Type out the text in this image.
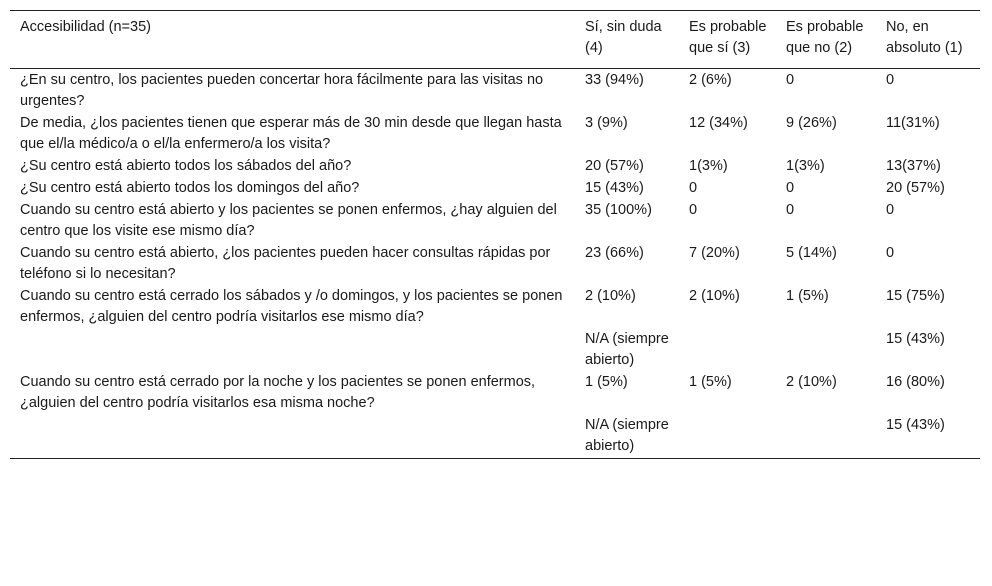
Accesibilidad (n=35)	Sí, sin duda (4)	Es probable que sí (3)	Es probable que no (2)	No, en absoluto (1)

¿En su centro, los pacientes pueden concertar hora fácilmente para las visitas no urgentes?	33 (94%)	2 (6%)	0	0

De media, ¿los pacientes tienen que esperar más de 30 min desde que llegan hasta que el/la médico/a o el/la enfermero/a los visita?	3 (9%)	12 (34%)	9 (26%)	11(31%)

¿Su centro está abierto todos los sábados del año?	20 (57%)	1(3%)	1(3%)	13(37%)

¿Su centro está abierto todos los domingos del año?	15 (43%)	0	0	20 (57%)

Cuando su centro está abierto y los pacientes se ponen enfermos, ¿hay alguien del centro que los visite ese mismo día?	35 (100%)	0	0	0

Cuando su centro está abierto, ¿los pacientes pueden hacer consultas rápidas por teléfono si lo necesitan?	23 (66%)	7 (20%)	5 (14%)	0

Cuando su centro está cerrado los sábados y /o domingos, y los pacientes se ponen enfermos, ¿alguien del centro podría visitarlos ese mismo día?	2 (10%)	2 (10%)	1 (5%)	15 (75%)

	N/A (siempre abierto)			15 (43%)

Cuando su centro está cerrado por la noche y los pacientes se ponen enfermos, ¿alguien del centro podría visitarlos esa misma noche?	1 (5%)	1 (5%)	2 (10%)	16 (80%)

	N/A (siempre abierto)			15 (43%)
